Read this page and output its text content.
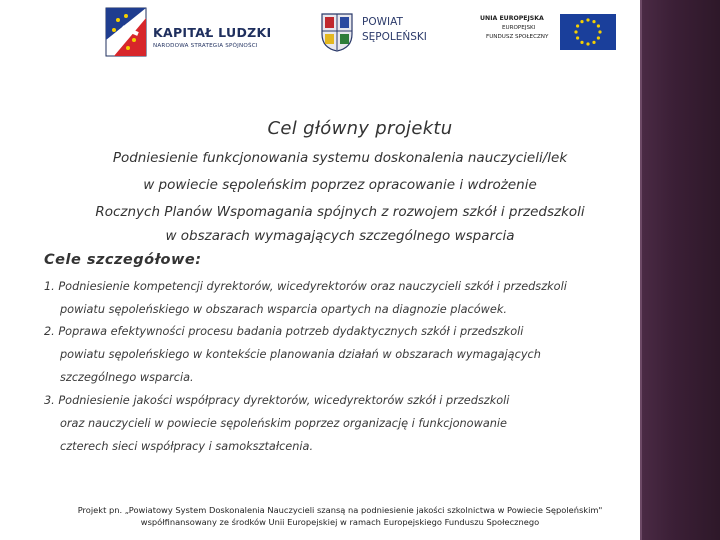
KAPITAŁ LUDZKI
NARODOWA STRATEGIA SPÓJNOŚCI
POWIAT
SĘPOLEŃSKI
UNIA EUROPEJSKA
EUROPEJSKI
FUNDUSZ SPOŁECZNY
Cel główny projektu
Podniesienie funkcjonowania systemu doskonalenia nauczycieli/lek
w powiecie sępoleńskim poprzez opracowanie i wdrożenie
Rocznych Planów Wspomagania spójnych z rozwojem szkół i przedszkoli
w obszarach wymagających szczególnego wsparcia
Cele szczegółowe:
1. Podniesienie kompetencji dyrektorów, wicedyrektorów oraz nauczycieli szkół i przedszkoli
powiatu sępoleńskiego w obszarach wsparcia opartych na diagnozie placówek.
2. Poprawa efektywności procesu badania potrzeb dydaktycznych szkół i przedszkoli
powiatu sępoleńskiego w kontekście planowania działań w obszarach wymagających
szczególnego wsparcia.
3. Podniesienie jakości współpracy dyrektorów, wicedyrektorów szkół i przedszkoli
oraz nauczycieli w powiecie sępoleńskim poprzez organizację i funkcjonowanie
czterech sieci współpracy i samokształcenia.
Projekt pn. „Powiatowy System Doskonalenia Nauczycieli szansą na podniesienie jakości szkolnictwa w Powiecie Sępoleńskim"
współfinansowany ze środków Unii Europejskiej w ramach Europejskiego Funduszu Społecznego
